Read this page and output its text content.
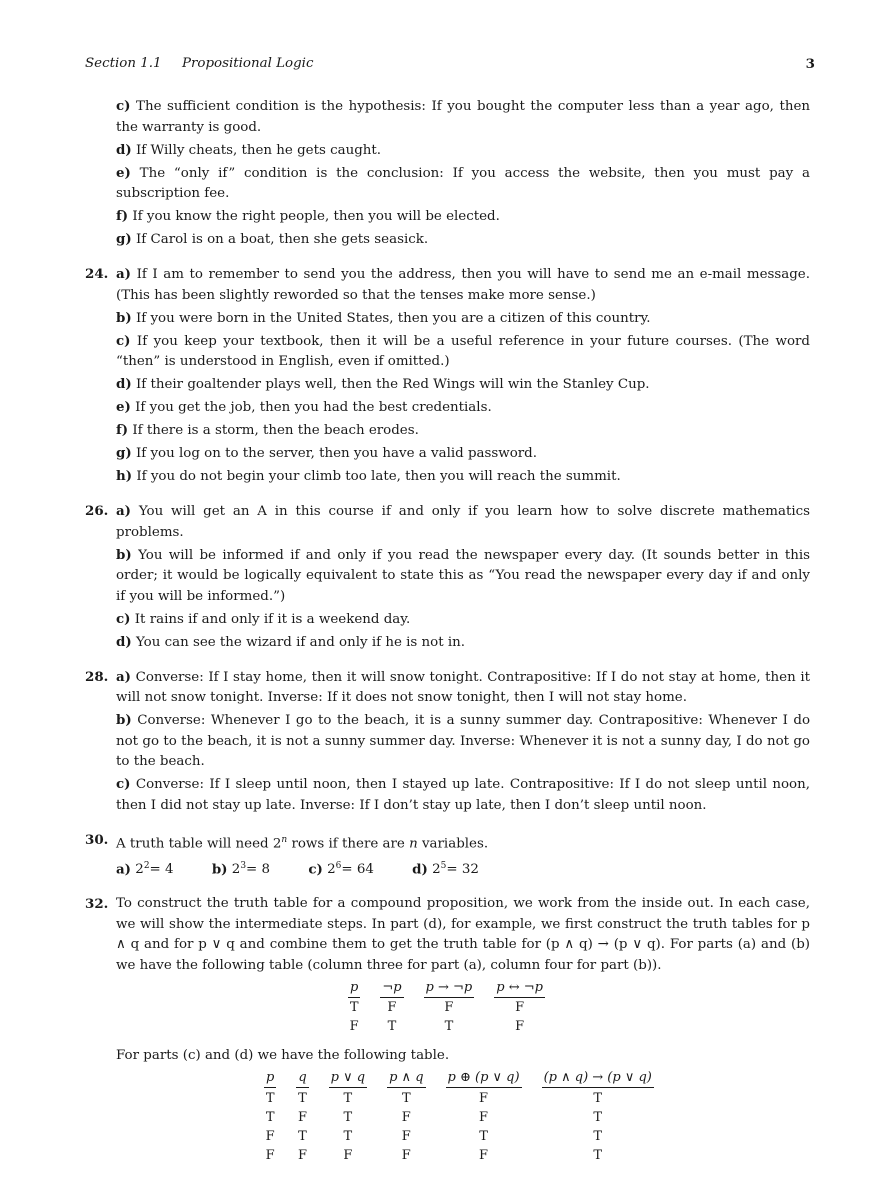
Section 1.1 Propositional Logic	3

c) The sufficient condition is the hypothesis: If you bought the computer less than a year ago, then the warranty is good.

d) If Willy cheats, then he gets caught.

e) The “only if” condition is the conclusion: If you access the website, then you must pay a subscription fee.

f) If you know the right people, then you will be elected.

g) If Carol is on a boat, then she gets seasick.

24. a) If I am to remember to send you the address, then you will have to send me an e-mail message. (This has been slightly reworded so that the tenses make more sense.)

b) If you were born in the United States, then you are a citizen of this country.

c) If you keep your textbook, then it will be a useful reference in your future courses. (The word “then” is understood in English, even if omitted.)

d) If their goaltender plays well, then the Red Wings will win the Stanley Cup.

e) If you get the job, then you had the best credentials.

f) If there is a storm, then the beach erodes.

g) If you log on to the server, then you have a valid password.

h) If you do not begin your climb too late, then you will reach the summit.

26. a) You will get an A in this course if and only if you learn how to solve discrete mathematics problems.

b) You will be informed if and only if you read the newspaper every day. (It sounds better in this order; it would be logically equivalent to state this as “You read the newspaper every day if and only if you will be informed.”)

c) It rains if and only if it is a weekend day.

d) You can see the wizard if and only if he is not in.

28. a) Converse: If I stay home, then it will snow tonight. Contrapositive: If I do not stay at home, then it will not snow tonight. Inverse: If it does not snow tonight, then I will not stay home.

b) Converse: Whenever I go to the beach, it is a sunny summer day. Contrapositive: Whenever I do not go to the beach, it is not a sunny summer day. Inverse: Whenever it is not a sunny day, I do not go to the beach.

c) Converse: If I sleep until noon, then I stayed up late. Contrapositive: If I do not sleep until noon, then I did not stay up late. Inverse: If I don’t stay up late, then I don’t sleep until noon.

30. A truth table will need 2$^n$ rows if there are n variables.

a) $2^2= 4$	b) $2^3= 8$	c) $2^6= 64$	d) $2^5= 32$

32. To construct the truth table for a compound proposition, we work from the inside out. In each case, we will show the intermediate steps. In part (d), for example, we first construct the truth tables for p ∧ q and for p ∨ q and combine them to get the truth table for (p ∧ q) → (p ∨ q). For parts (a) and (b) we have the following table (column three for part (a), column four for part (b)).

p	¬p	p → ¬p	p ↔ ¬p
T	F	F	F
F	T	T	F

For parts (c) and (d) we have the following table.

p	q	p ∨ q	p ∧ q	p ⊕ (p ∨ q)	(p ∧ q) → (p ∨ q)
T	T	T	T	F	T
T	F	T	F	F	T
F	T	T	F	T	T
F	F	F	F	F	T
